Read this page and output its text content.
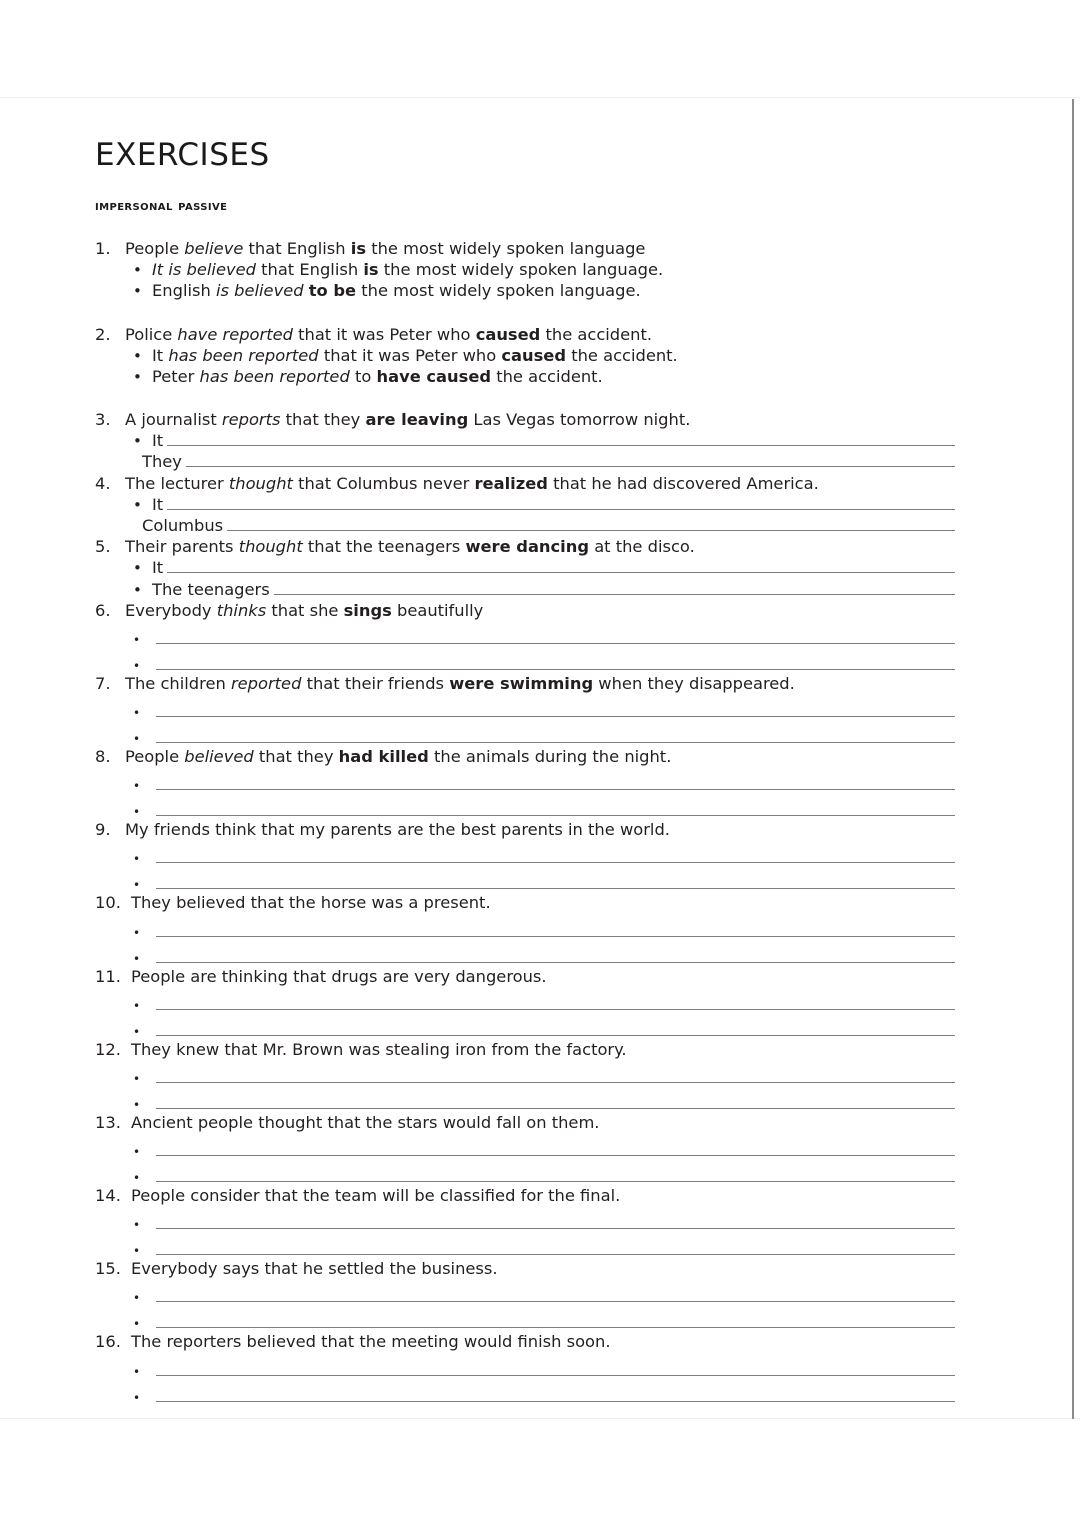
EXERCISES
impersonal passive
1. People believe that English is the most widely spoken language
• It is believed that English is the most widely spoken language.
• English is believed to be the most widely spoken language.
2. Police have reported that it was Peter who caused the accident.
• It has been reported that it was Peter who caused the accident.
• Peter has been reported to have caused the accident.
3. A journalist reports that they are leaving Las Vegas tomorrow night.
• It
They
4. The lecturer thought that Columbus never realized that he had discovered America.
• It
Columbus
5. Their parents thought that the teenagers were dancing at the disco.
• It
• The teenagers
6. Everybody thinks that she sings beautifully
•
•
7. The children reported that their friends were swimming when they disappeared.
•
•
8. People believed that they had killed the animals during the night.
•
•
9. My friends think that my parents are the best parents in the world.
•
•
10. They believed that the horse was a present.
•
•
11. People are thinking that drugs are very dangerous.
•
•
12. They knew that Mr. Brown was stealing iron from the factory.
•
•
13. Ancient people thought that the stars would fall on them.
•
•
14. People consider that the team will be classified for the final.
•
•
15. Everybody says that he settled the business.
•
•
16. The reporters believed that the meeting would finish soon.
•
•
